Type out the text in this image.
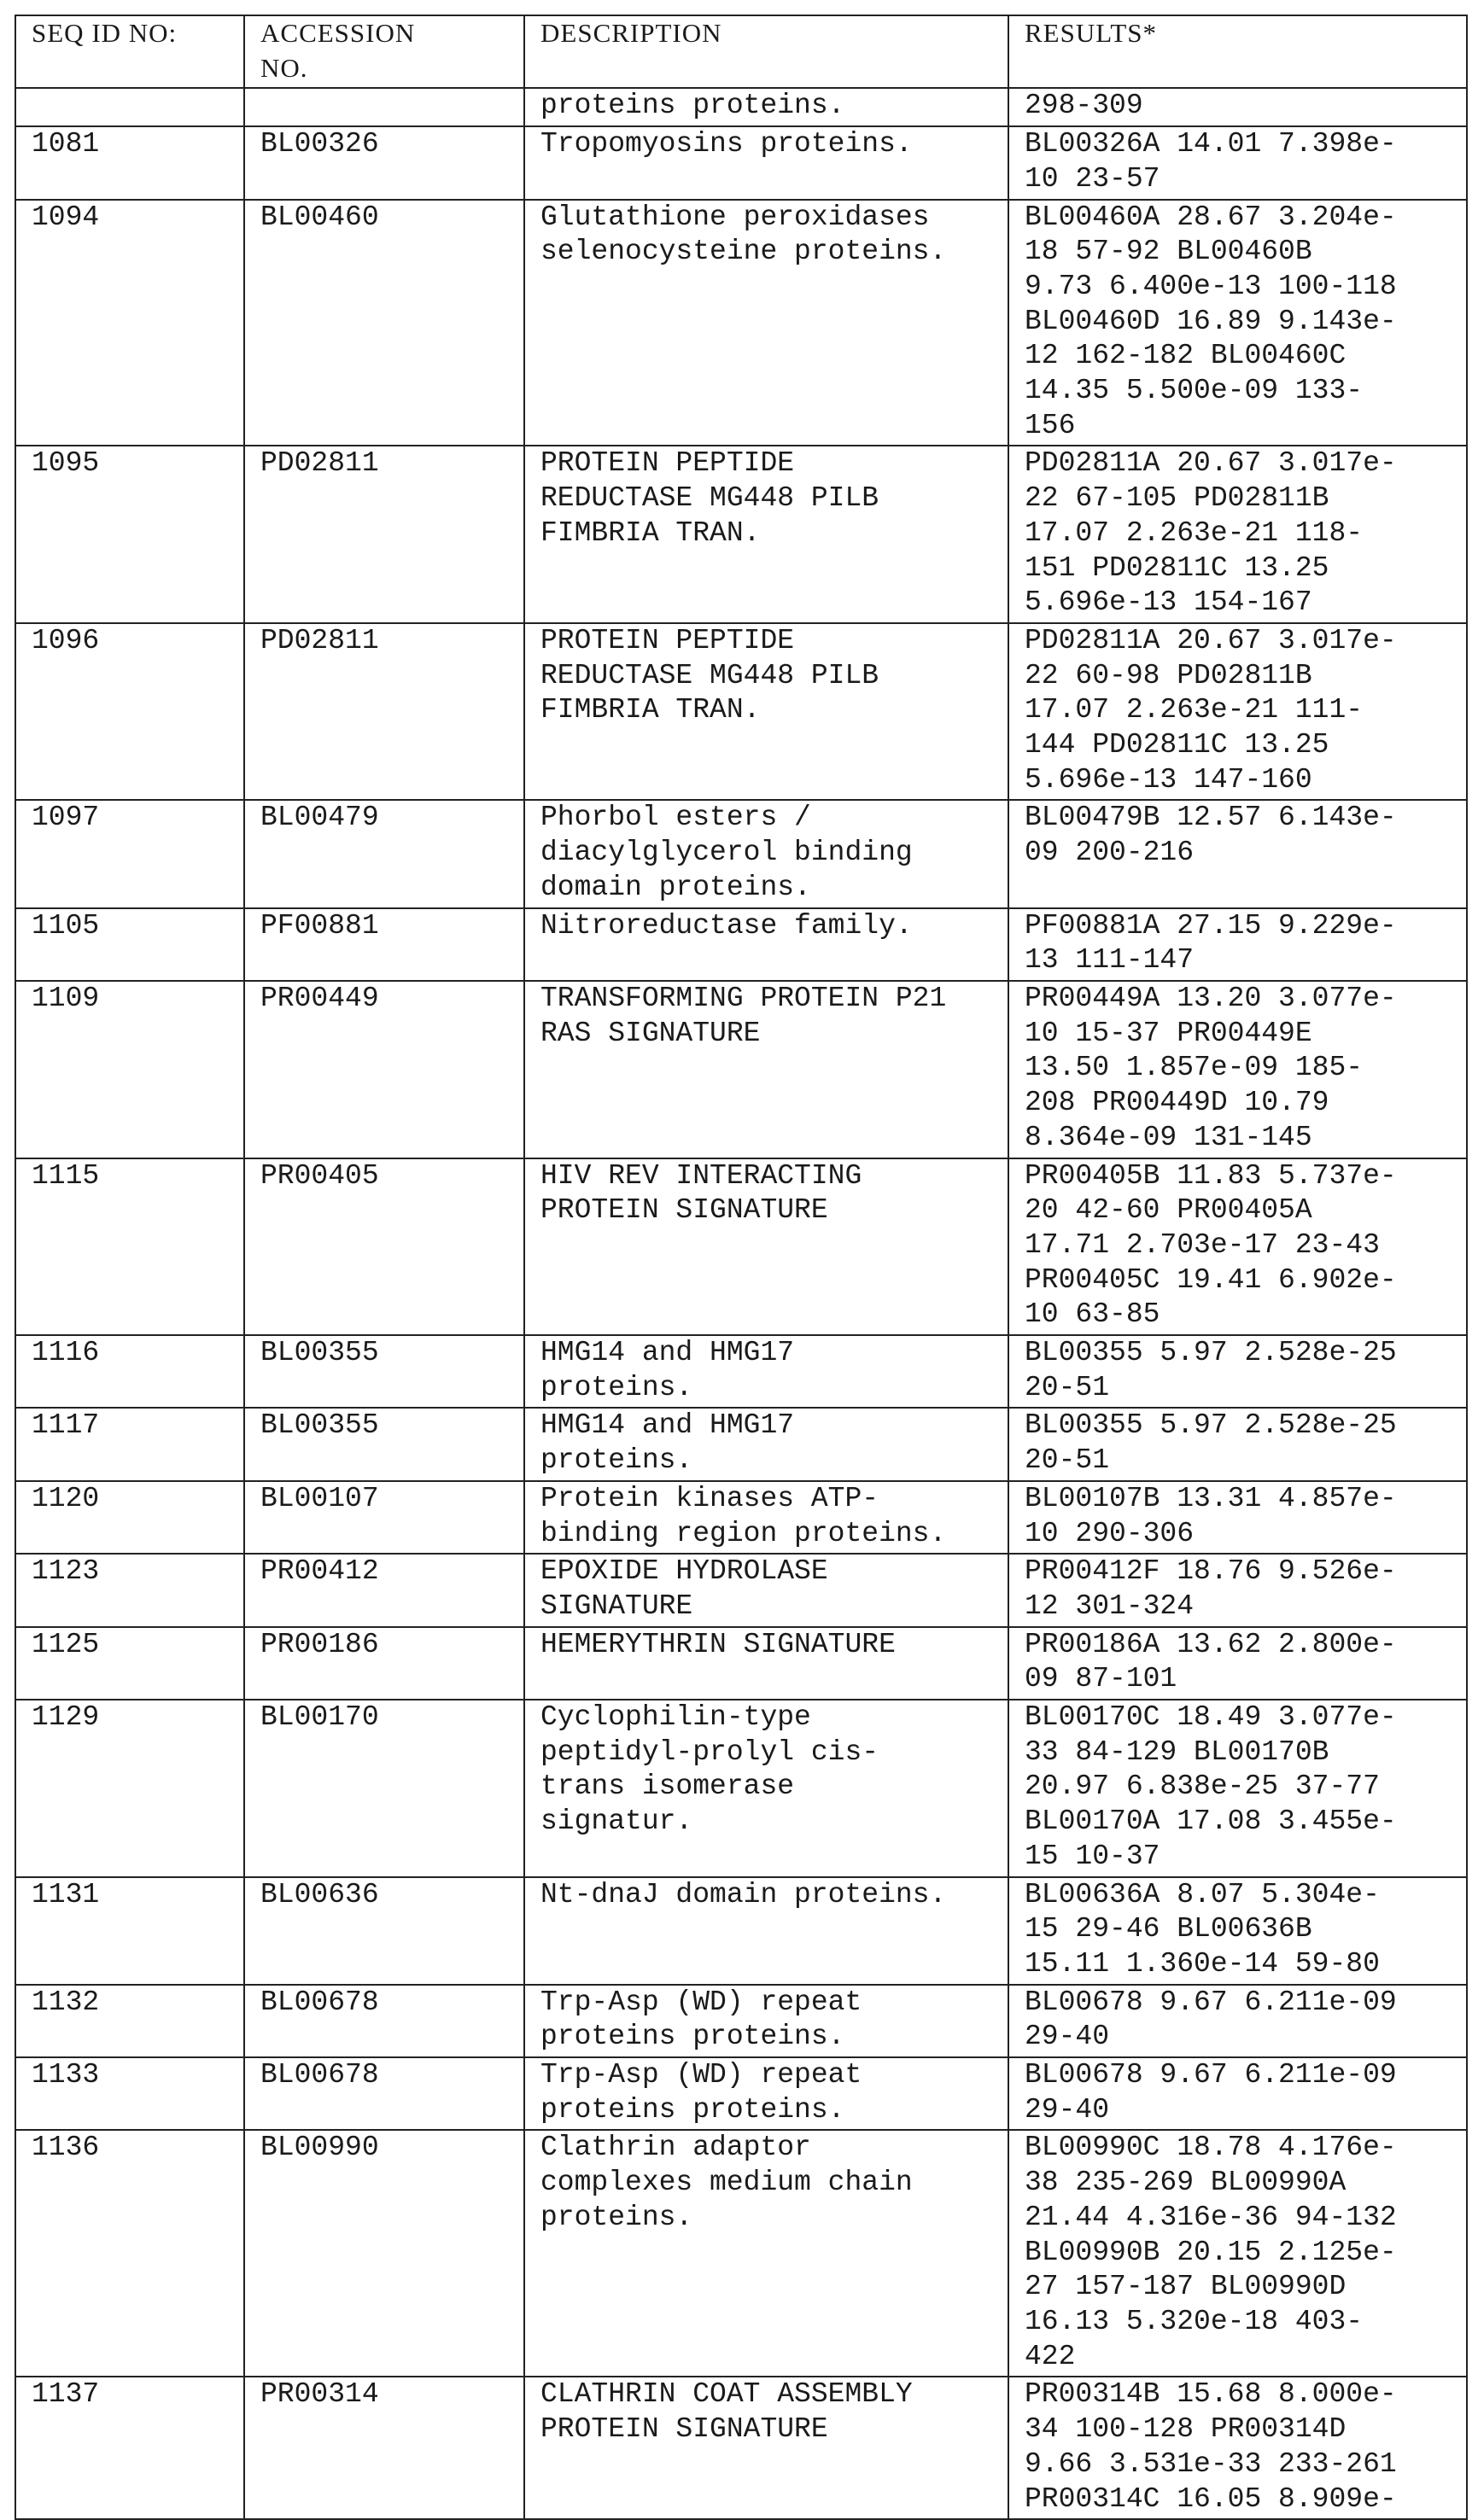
SEQ ID NO:	ACCESSION
NO.	DESCRIPTION	RESULTS*
		proteins proteins.	298-309
1081	BL00326	Tropomyosins proteins.	BL00326A 14.01 7.398e-
10 23-57
1094	BL00460	Glutathione peroxidases
selenocysteine proteins.	BL00460A 28.67 3.204e-
18 57-92 BL00460B
9.73 6.400e-13 100-118
BL00460D 16.89 9.143e-
12 162-182 BL00460C
14.35 5.500e-09 133-
156
1095	PD02811	PROTEIN PEPTIDE
REDUCTASE MG448 PILB
FIMBRIA TRAN.	PD02811A 20.67 3.017e-
22 67-105 PD02811B
17.07 2.263e-21 118-
151 PD02811C 13.25
5.696e-13 154-167
1096	PD02811	PROTEIN PEPTIDE
REDUCTASE MG448 PILB
FIMBRIA TRAN.	PD02811A 20.67 3.017e-
22 60-98 PD02811B
17.07 2.263e-21 111-
144 PD02811C 13.25
5.696e-13 147-160
1097	BL00479	Phorbol esters /
diacylglycerol binding
domain proteins.	BL00479B 12.57 6.143e-
09 200-216
1105	PF00881	Nitroreductase family.	PF00881A 27.15 9.229e-
13 111-147
1109	PR00449	TRANSFORMING PROTEIN P21
RAS SIGNATURE	PR00449A 13.20 3.077e-
10 15-37 PR00449E
13.50 1.857e-09 185-
208 PR00449D 10.79
8.364e-09 131-145
1115	PR00405	HIV REV INTERACTING
PROTEIN SIGNATURE	PR00405B 11.83 5.737e-
20 42-60 PR00405A
17.71 2.703e-17 23-43
PR00405C 19.41 6.902e-
10 63-85
1116	BL00355	HMG14 and HMG17
proteins.	BL00355 5.97 2.528e-25
20-51
1117	BL00355	HMG14 and HMG17
proteins.	BL00355 5.97 2.528e-25
20-51
1120	BL00107	Protein kinases ATP-
binding region proteins.	BL00107B 13.31 4.857e-
10 290-306
1123	PR00412	EPOXIDE HYDROLASE
SIGNATURE	PR00412F 18.76 9.526e-
12 301-324
1125	PR00186	HEMERYTHRIN SIGNATURE	PR00186A 13.62 2.800e-
09 87-101
1129	BL00170	Cyclophilin-type
peptidyl-prolyl cis-
trans isomerase
signatur.	BL00170C 18.49 3.077e-
33 84-129 BL00170B
20.97 6.838e-25 37-77
BL00170A 17.08 3.455e-
15 10-37
1131	BL00636	Nt-dnaJ domain proteins.	BL00636A 8.07 5.304e-
15 29-46 BL00636B
15.11 1.360e-14 59-80
1132	BL00678	Trp-Asp (WD) repeat
proteins proteins.	BL00678 9.67 6.211e-09
29-40
1133	BL00678	Trp-Asp (WD) repeat
proteins proteins.	BL00678 9.67 6.211e-09
29-40
1136	BL00990	Clathrin adaptor
complexes medium chain
proteins.	BL00990C 18.78 4.176e-
38 235-269 BL00990A
21.44 4.316e-36 94-132
BL00990B 20.15 2.125e-
27 157-187 BL00990D
16.13 5.320e-18 403-
422
1137	PR00314	CLATHRIN COAT ASSEMBLY
PROTEIN SIGNATURE	PR00314B 15.68 8.000e-
34 100-128 PR00314D
9.66 3.531e-33 233-261
PR00314C 16.05 8.909e-
